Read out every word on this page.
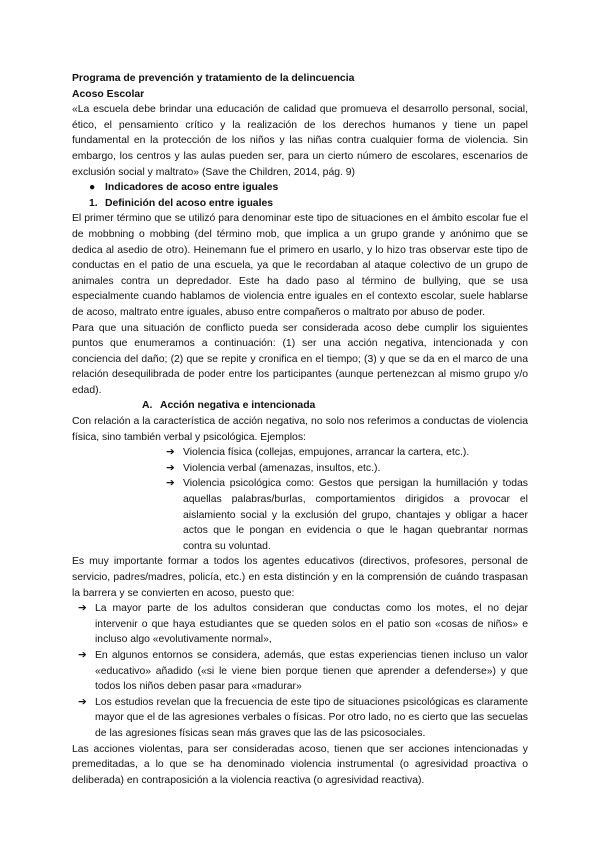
Programa de prevención y tratamiento de la delincuencia

Acoso Escolar

«La escuela debe brindar una educación de calidad que promueva el desarrollo personal, social, ético, el pensamiento crítico y la realización de los derechos humanos y tiene un papel fundamental en la protección de los niños y las niñas contra cualquier forma de violencia. Sin embargo, los centros y las aulas pueden ser, para un cierto número de escolares, escenarios de exclusión social y maltrato» (Save the Children, 2014, pág. 9)

● Indicadores de acoso entre iguales
1. Definición del acoso entre iguales

El primer término que se utilizó para denominar este tipo de situaciones en el ámbito escolar fue el de mobbning o mobbing (del término mob, que implica a un grupo grande y anónimo que se dedica al asedio de otro). Heinemann fue el primero en usarlo, y lo hizo tras observar este tipo de conductas en el patio de una escuela, ya que le recordaban al ataque colectivo de un grupo de animales contra un depredador. Este ha dado paso al término de bullying, que se usa especialmente cuando hablamos de violencia entre iguales en el contexto escolar, suele hablarse de acoso, maltrato entre iguales, abuso entre compañeros o maltrato por abuso de poder.

Para que una situación de conflicto pueda ser considerada acoso debe cumplir los siguientes puntos que enumeramos a continuación: (1) ser una acción negativa, intencionada y con conciencia del daño; (2) que se repite y cronifica en el tiempo; (3) y que se da en el marco de una relación desequilibrada de poder entre los participantes (aunque pertenezcan al mismo grupo y/o edad).

A. Acción negativa e intencionada

Con relación a la característica de acción negativa, no solo nos referimos a conductas de violencia física, sino también verbal y psicológica. Ejemplos:

➔ Violencia física (collejas, empujones, arrancar la cartera, etc.).
➔ Violencia verbal (amenazas, insultos, etc.).
➔ Violencia psicológica como: Gestos que persigan la humillación y todas aquellas palabras/burlas, comportamientos dirigidos a provocar el aislamiento social y la exclusión del grupo, chantajes y obligar a hacer actos que le pongan en evidencia o que le hagan quebrantar normas contra su voluntad.

Es muy importante formar a todos los agentes educativos (directivos, profesores, personal de servicio, padres/madres, policía, etc.) en esta distinción y en la comprensión de cuándo traspasan la barrera y se convierten en acoso, puesto que:

➔ La mayor parte de los adultos consideran que conductas como los motes, el no dejar intervenir o que haya estudiantes que se queden solos en el patio son «cosas de niños» e incluso algo «evolutivamente normal»,
➔ En algunos entornos se considera, además, que estas experiencias tienen incluso un valor «educativo» añadido («si le viene bien porque tienen que aprender a defenderse») y que todos los niños deben pasar para «madurar»
➔ Los estudios revelan que la frecuencia de este tipo de situaciones psicológicas es claramente mayor que el de las agresiones verbales o físicas. Por otro lado, no es cierto que las secuelas de las agresiones físicas sean más graves que las de las psicosociales.

Las acciones violentas, para ser consideradas acoso, tienen que ser acciones intencionadas y premeditadas, a lo que se ha denominado violencia instrumental (o agresividad proactiva o deliberada) en contraposición a la violencia reactiva (o agresividad reactiva).
